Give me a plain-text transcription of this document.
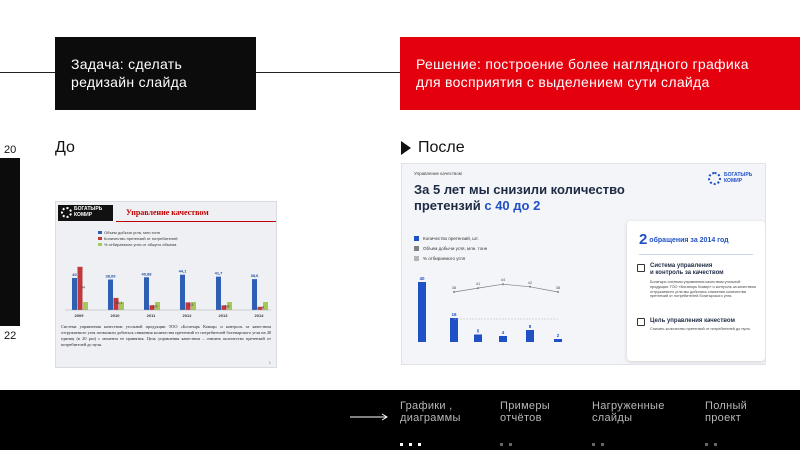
Задача: сделать
редизайн слайда
Решение: построение более наглядного графика
для восприятия с выделением сути слайда
20
22
До	После
БОГАТЫРЬ
КОМИР	Управление качеством
Объем добычи угля, млн.тонн
Количество претензий от потребителей
% отбираемого угля от общего объема
40
54
2009
38,09
15,1
2010
40,88
5,9
2011
44,1
9,5
2012
41,7
5,8
2013
38,6
4
2014
Система управления качеством угольной продукции ТОО «Богатырь Комир» и контроль за качеством отгружаемого угля позволили добиться снижения количества претензий от потребителей богатырского угля на 40 единиц (в 20 раз) с момента ее принятия. Цель управления качеством – снизить количество претензий от потребителей до нуля.
1
Управление качеством	БОГАТЫРЬ
КОМИР
За 5 лет мы снизили количество претензий с 40 до 2
Количество претензий, шт.
Объем добычи угля, млн. тонн
% отбираемого угля
40
16
5	4
8
2
38
41
44
42
38
2 обращения за 2014 год
Система управления
и контроль за качеством
Богатырь системы управления качеством угольной продукции ТОО «Богатырь Комир» и контроль за качеством отгружаемого угля мы добились снижения количества претензий от потребителей богатырского угля.
Цель управления качеством
Снизить количество претензий от потребителей до нуля.
Графики ,
диаграммы
Примеры
отчётов
Нагруженные
слайды
Полный
проект
